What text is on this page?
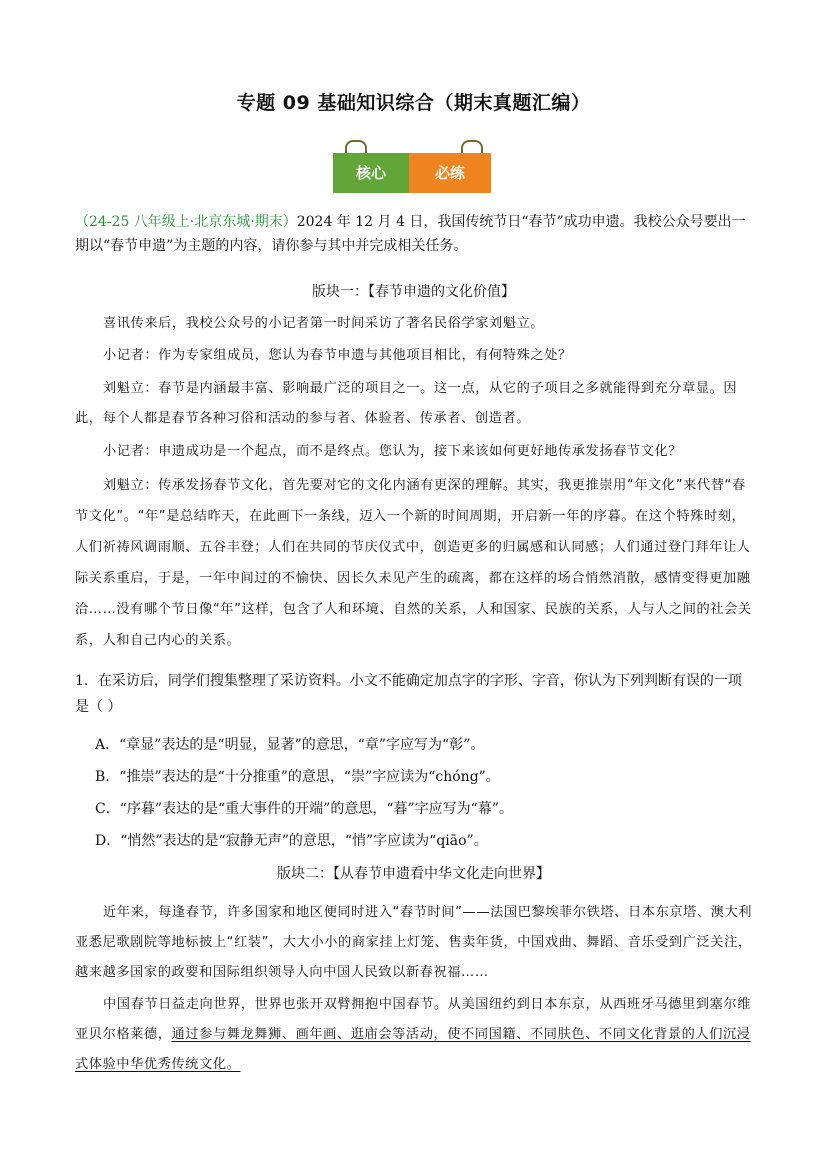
专题 09 基础知识综合（期末真题汇编）
核心	必练
（24-25 八年级上·北京东城·期末）2024 年 12 月 4 日，我国传统节日“春节”成功申遗。我校公众号要出一期以“春节申遗”为主题的内容，请你参与其中并完成相关任务。
版块一：【春节申遗的文化价值】
喜讯传来后，我校公众号的小记者第一时间采访了著名民俗学家刘魁立。
小记者：作为专家组成员，您认为春节申遗与其他项目相比，有何特殊之处？
刘魁立：春节是内涵最丰富、影响最广泛的项目之一。这一点，从它的子项目之多就能得到充分章显。因此，每个人都是春节各种习俗和活动的参与者、体验者、传承者、创造者。
小记者：申遗成功是一个起点，而不是终点。您认为，接下来该如何更好地传承发扬春节文化？
刘魁立：传承发扬春节文化，首先要对它的文化内涵有更深的理解。其实，我更推崇用“年文化”来代替“春节文化”。“年”是总结昨天，在此画下一条线，迈入一个新的时间周期，开启新一年的序暮。在这个特殊时刻，人们祈祷风调雨顺、五谷丰登；人们在共同的节庆仪式中，创造更多的归属感和认同感；人们通过登门拜年让人际关系重启，于是，一年中间过的不愉快、因长久未见产生的疏离，都在这样的场合悄然消散，感情变得更加融洽……没有哪个节日像“年”这样，包含了人和环境、自然的关系，人和国家、民族的关系，人与人之间的社会关系，人和自己内心的关系。
1．在采访后，同学们搜集整理了采访资料。小文不能确定加点字的字形、字音，你认为下列判断有误的一项是（ ）
A．“章显”表达的是“明显，显著”的意思，“章”字应写为“彰”。
B．“推崇”表达的是“十分推重”的意思，“崇”字应读为“chóng”。
C．“序暮”表达的是“重大事件的开端”的意思，“暮”字应写为“幕”。
D．“悄然”表达的是“寂静无声”的意思，“悄”字应读为“qiāo”。
版块二：【从春节申遗看中华文化走向世界】
近年来，每逢春节，许多国家和地区便同时进入“春节时间”——法国巴黎埃菲尔铁塔、日本东京塔、澳大利亚悉尼歌剧院等地标披上“红装”，大大小小的商家挂上灯笼、售卖年货，中国戏曲、舞蹈、音乐受到广泛关注，越来越多国家的政要和国际组织领导人向中国人民致以新春祝福……
中国春节日益走向世界，世界也张开双臂拥抱中国春节。从美国纽约到日本东京，从西班牙马德里到塞尔维亚贝尔格莱德，通过参与舞龙舞狮、画年画、逛庙会等活动，使不同国籍、不同肤色、不同文化背景的人们沉浸式体验中华优秀传统文化。
